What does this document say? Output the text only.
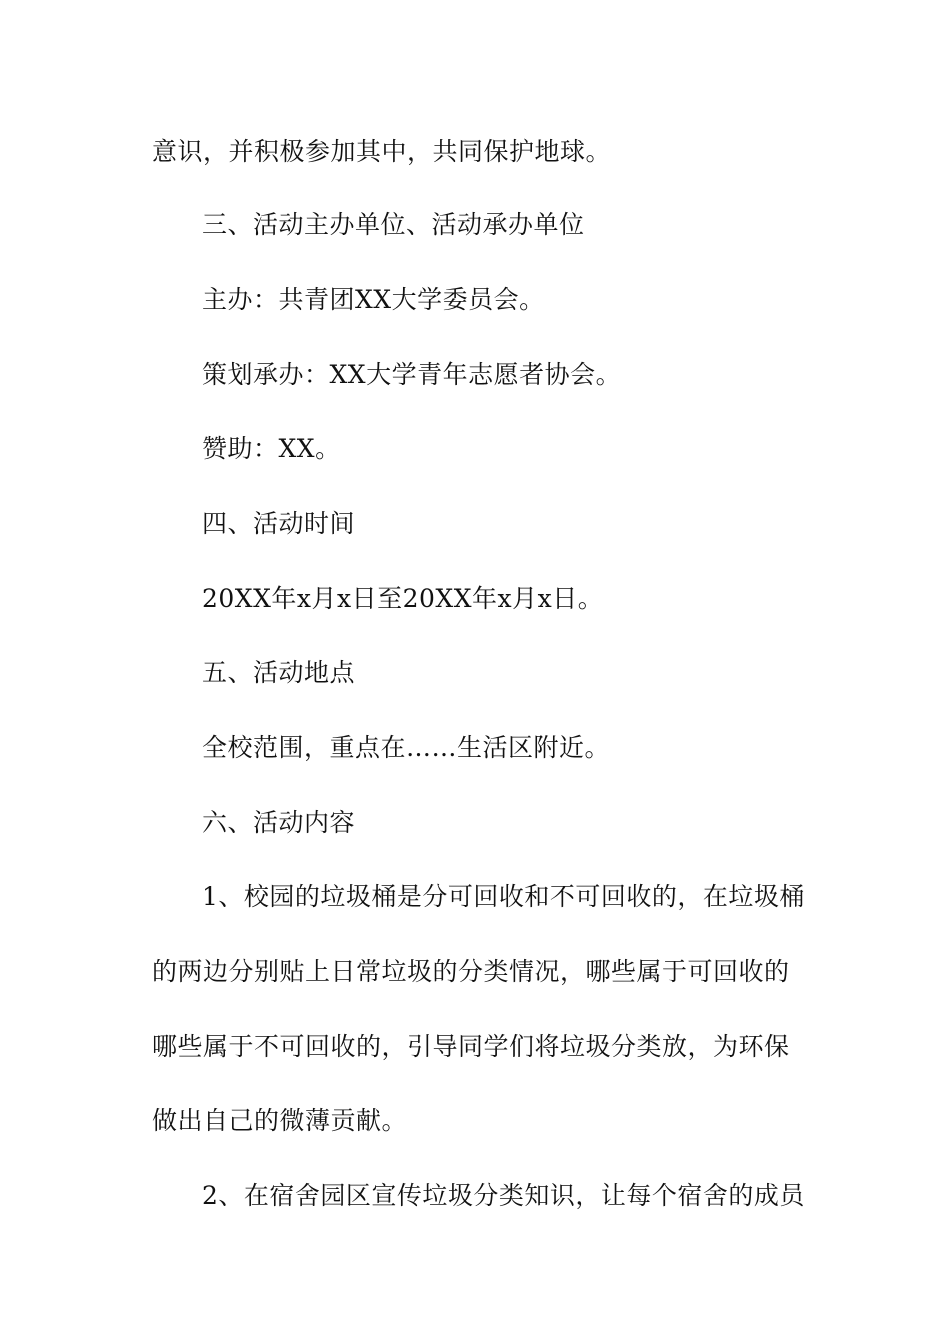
意识，并积极参加其中，共同保护地球。
三、活动主办单位、活动承办单位
主办：共青团XX大学委员会。
策划承办：XX大学青年志愿者协会。
赞助：XX。
四、活动时间
20XX年x月x日至20XX年x月x日。
五、活动地点
全校范围，重点在……生活区附近。
六、活动内容
1、校园的垃圾桶是分可回收和不可回收的，在垃圾桶
的两边分别贴上日常垃圾的分类情况，哪些属于可回收的
哪些属于不可回收的，引导同学们将垃圾分类放，为环保
做出自己的微薄贡献。
2、在宿舍园区宣传垃圾分类知识，让每个宿舍的成员
